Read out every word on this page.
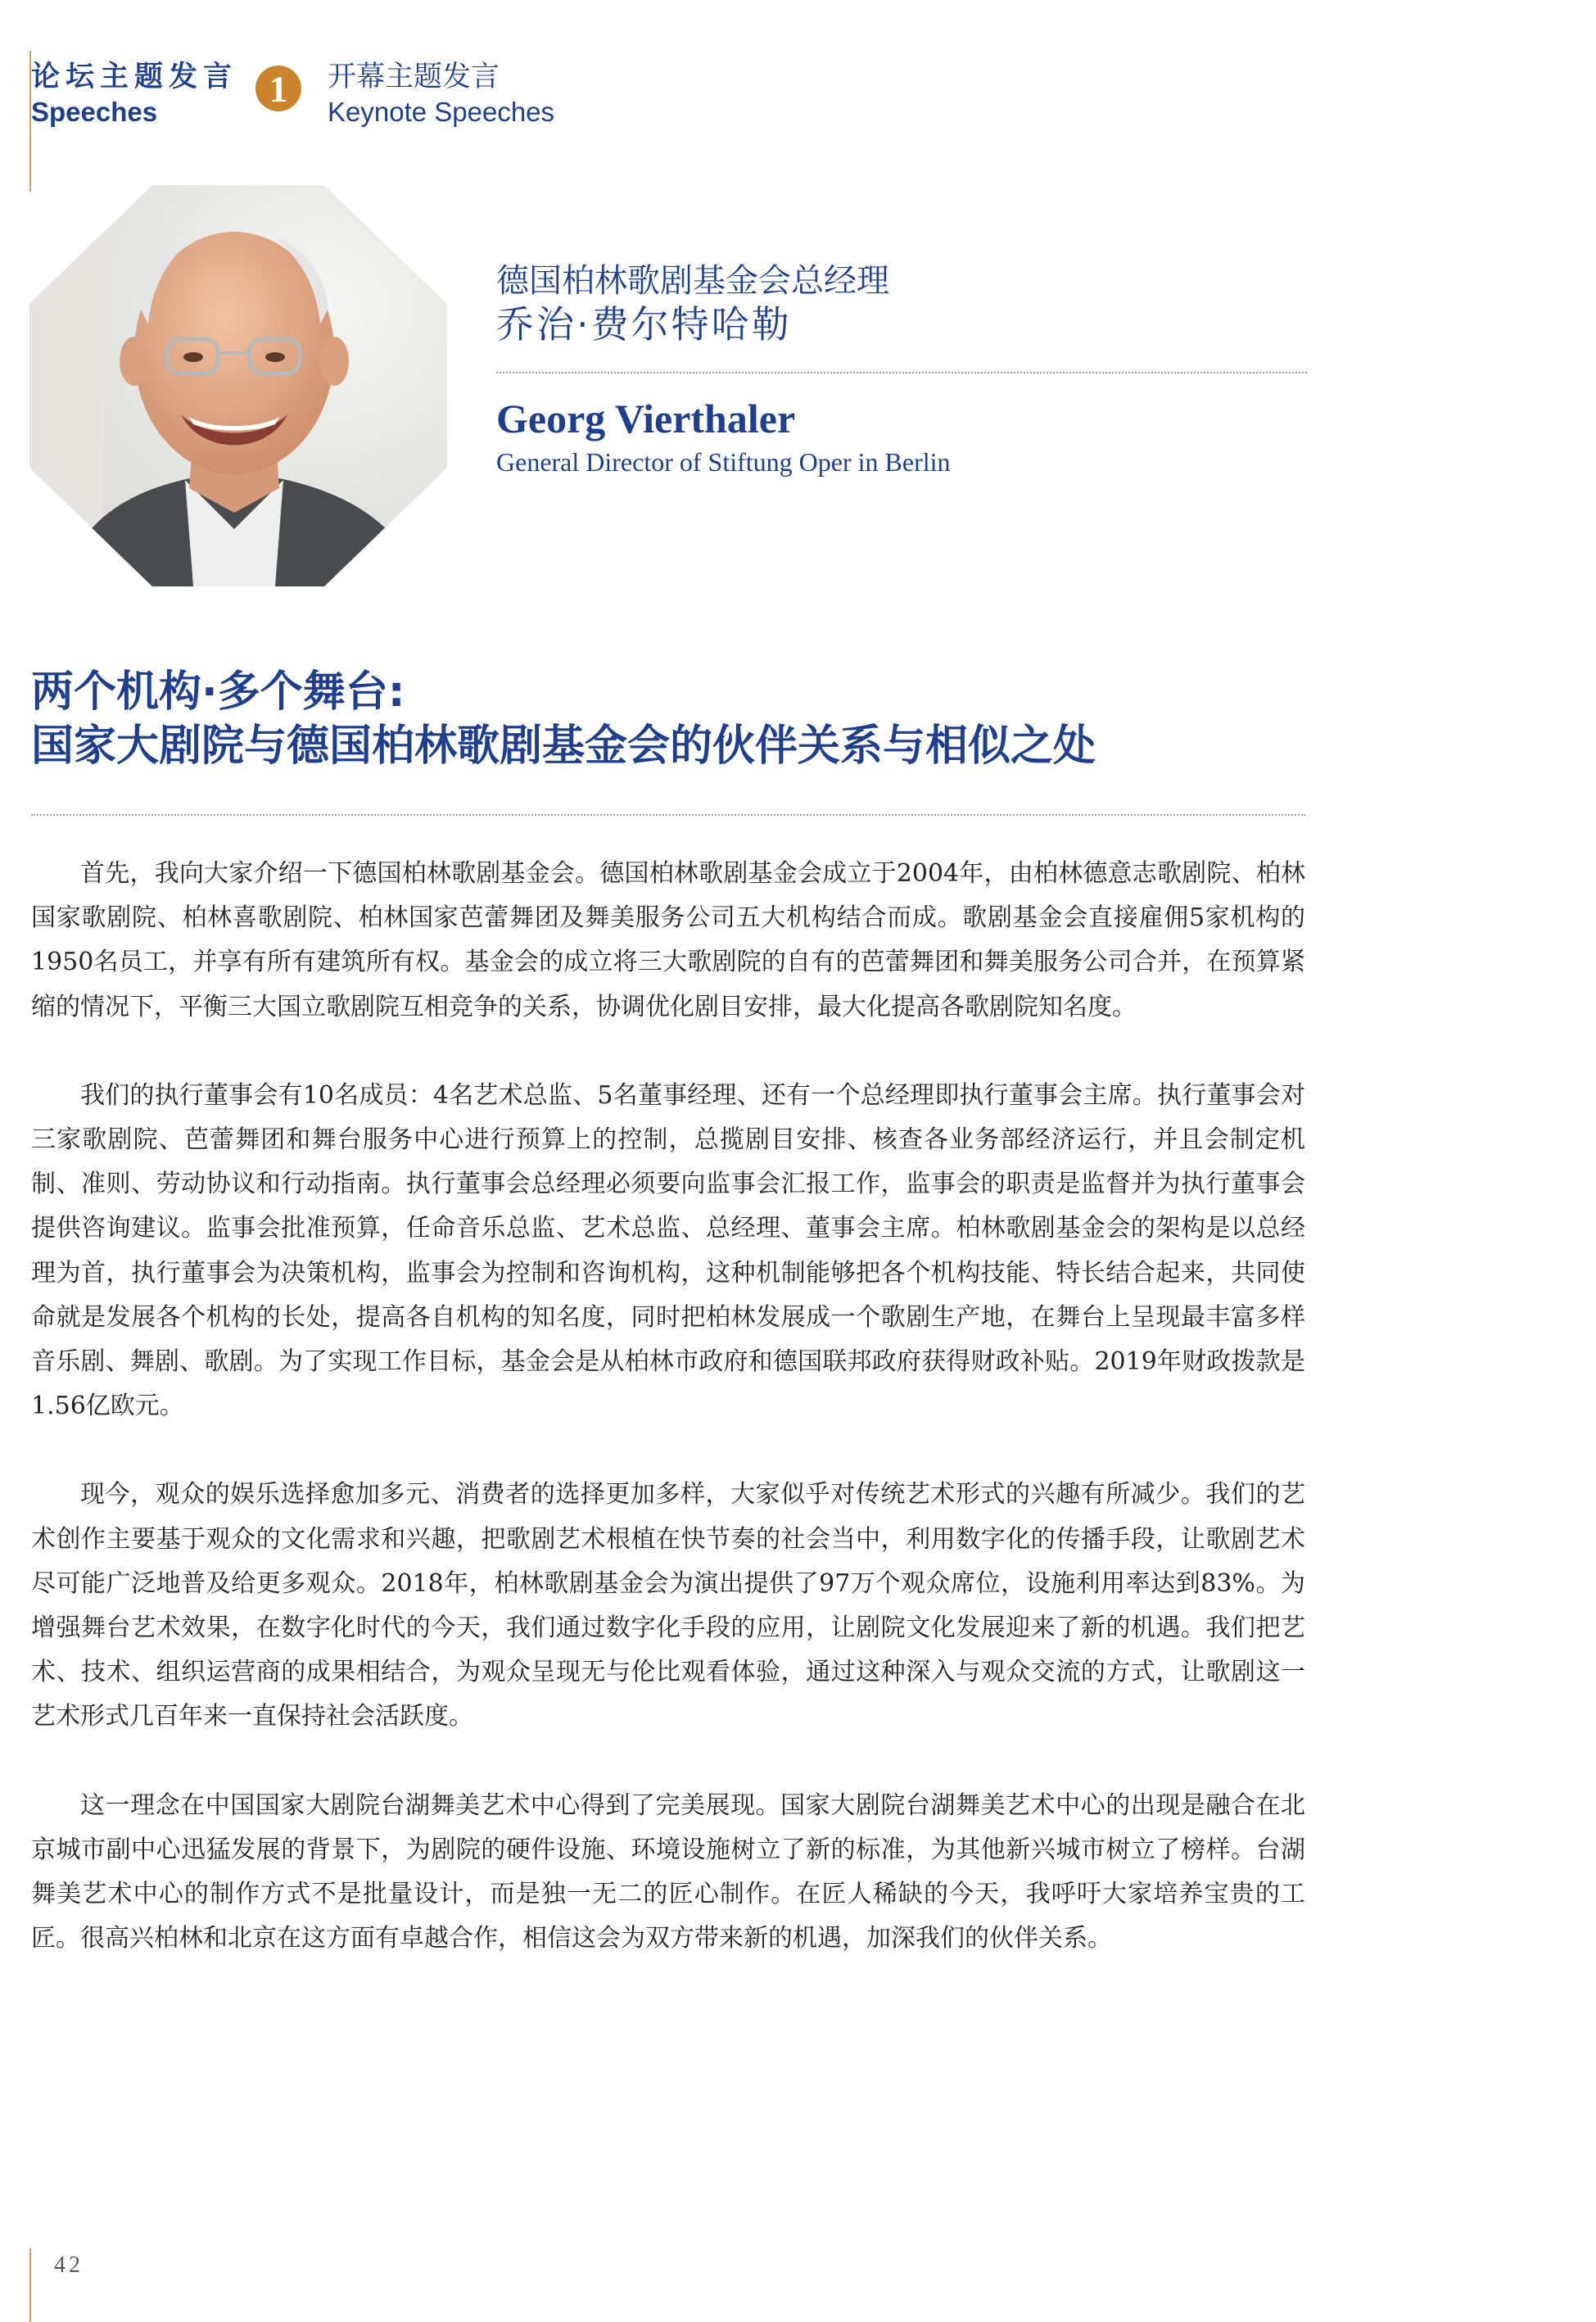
论坛主题发言
Speeches
1	开幕主题发言
Keynote Speeches
德国柏林歌剧基金会总经理
乔治·费尔特哈勒
Georg Vierthaler
General Director of Stiftung Oper in Berlin
两个机构·多个舞台:
国家大剧院与德国柏林歌剧基金会的伙伴关系与相似之处

首先，我向大家介绍一下德国柏林歌剧基金会。德国柏林歌剧基金会成立于2004年，由柏林德意志歌剧院、柏林国家歌剧院、柏林喜歌剧院、柏林国家芭蕾舞团及舞美服务公司五大机构结合而成。歌剧基金会直接雇佣5家机构的1950名员工，并享有所有建筑所有权。基金会的成立将三大歌剧院的自有的芭蕾舞团和舞美服务公司合并，在预算紧缩的情况下，平衡三大国立歌剧院互相竞争的关系，协调优化剧目安排，最大化提高各歌剧院知名度。

我们的执行董事会有10名成员：4名艺术总监、5名董事经理、还有一个总经理即执行董事会主席。执行董事会对三家歌剧院、芭蕾舞团和舞台服务中心进行预算上的控制，总揽剧目安排、核查各业务部经济运行，并且会制定机制、准则、劳动协议和行动指南。执行董事会总经理必须要向监事会汇报工作，监事会的职责是监督并为执行董事会提供咨询建议。监事会批准预算，任命音乐总监、艺术总监、总经理、董事会主席。柏林歌剧基金会的架构是以总经理为首，执行董事会为决策机构，监事会为控制和咨询机构，这种机制能够把各个机构技能、特长结合起来，共同使命就是发展各个机构的长处，提高各自机构的知名度，同时把柏林发展成一个歌剧生产地，在舞台上呈现最丰富多样音乐剧、舞剧、歌剧。为了实现工作目标，基金会是从柏林市政府和德国联邦政府获得财政补贴。2019年财政拨款是1.56亿欧元。

现今，观众的娱乐选择愈加多元、消费者的选择更加多样，大家似乎对传统艺术形式的兴趣有所减少。我们的艺术创作主要基于观众的文化需求和兴趣，把歌剧艺术根植在快节奏的社会当中，利用数字化的传播手段，让歌剧艺术尽可能广泛地普及给更多观众。2018年，柏林歌剧基金会为演出提供了97万个观众席位，设施利用率达到83%。为增强舞台艺术效果，在数字化时代的今天，我们通过数字化手段的应用，让剧院文化发展迎来了新的机遇。我们把艺术、技术、组织运营商的成果相结合，为观众呈现无与伦比观看体验，通过这种深入与观众交流的方式，让歌剧这一艺术形式几百年来一直保持社会活跃度。

这一理念在中国国家大剧院台湖舞美艺术中心得到了完美展现。国家大剧院台湖舞美艺术中心的出现是融合在北京城市副中心迅猛发展的背景下，为剧院的硬件设施、环境设施树立了新的标准，为其他新兴城市树立了榜样。台湖舞美艺术中心的制作方式不是批量设计，而是独一无二的匠心制作。在匠人稀缺的今天，我呼吁大家培养宝贵的工匠。很高兴柏林和北京在这方面有卓越合作，相信这会为双方带来新的机遇，加深我们的伙伴关系。

42
